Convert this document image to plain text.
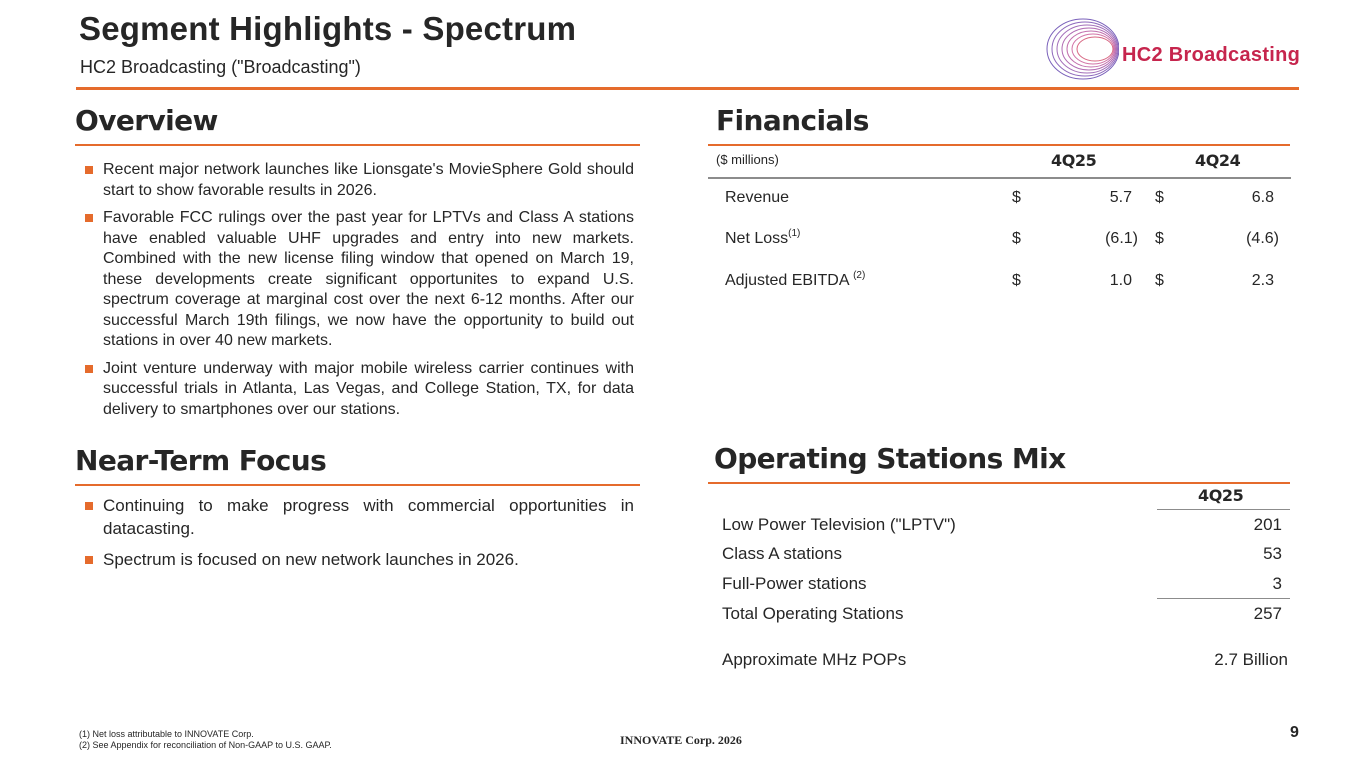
Segment Highlights - Spectrum
HC2 Broadcasting ("Broadcasting")
HC2 Broadcasting
Overview
Recent major network launches like Lionsgate's MovieSphere Gold should start to show favorable results in 2026.
Favorable FCC rulings over the past year for LPTVs and Class A stations have enabled valuable UHF upgrades and entry into new markets. Combined with the new license filing window that opened on March 19, these developments create significant opportunites to expand U.S. spectrum coverage at marginal cost over the next 6-12 months. After our successful March 19th filings, we now have the opportunity to build out stations in over 40 new markets.
Joint venture underway with major mobile wireless carrier continues with successful trials in Atlanta, Las Vegas, and College Station, TX, for data delivery to smartphones over our stations.
Near-Term Focus
Continuing to make progress with commercial opportunities in datacasting.
Spectrum is focused on new network launches in 2026.
Financials
($ millions)	4Q25	4Q24
Revenue	$	5.7 $	6.8
Net Loss$^{(1)}$	$	(6.1) $	(4.6)
Adjusted EBITDA $^{(2)}$	$	1.0 $	2.3
Operating Stations Mix
4Q25
Low Power Television ("LPTV")	201
Class A stations	53
Full-Power stations	3
Total Operating Stations	257
Approximate MHz POPs	2.7 Billion
(1) Net loss attributable to INNOVATE Corp.
(2) See Appendix for reconciliation of Non-GAAP to U.S. GAAP.	INNOVATE Corp. 2026	9
